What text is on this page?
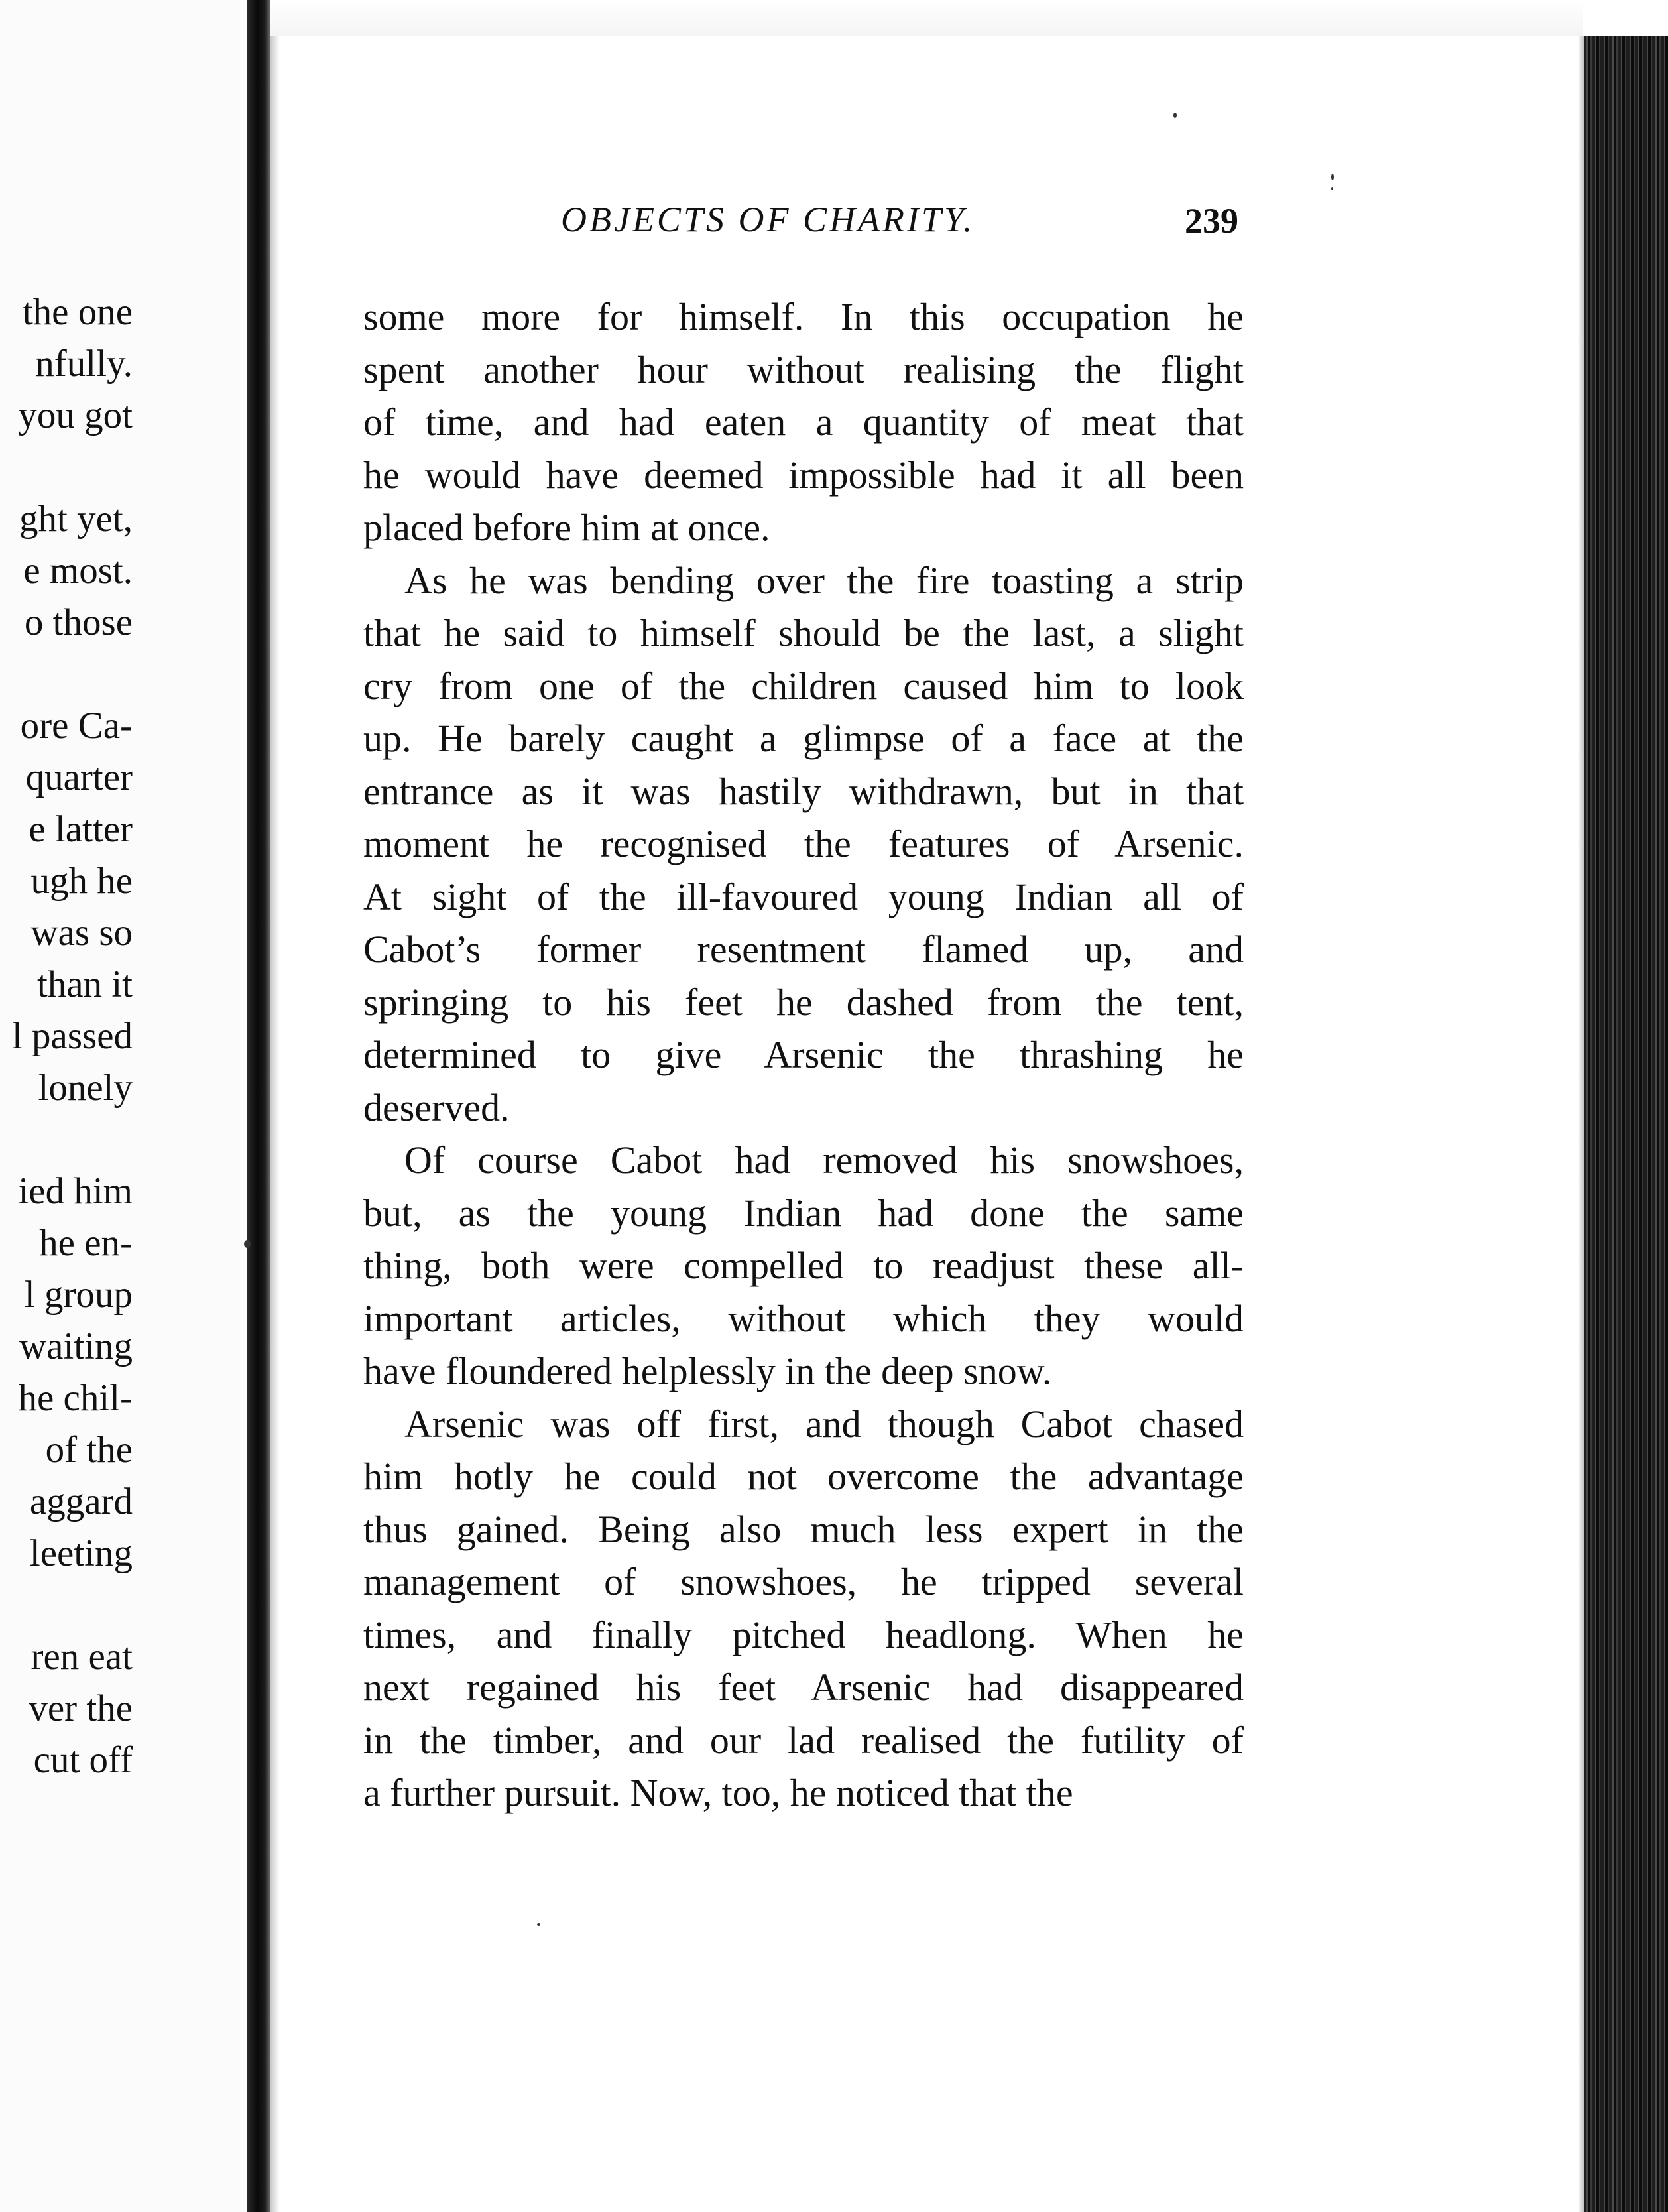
the one
nfully.
you got
ght yet,
e most.
o those
ore Ca-
quarter
e latter
ugh he
was so
than it
l passed
lonely
ied him
he en-
l group
waiting
he chil-
of the
aggard
leeting
ren eat
ver the
cut off
OBJECTS OF CHARITY.	239
some more for himself. In this occupation he
spent another hour without realising the flight
of time, and had eaten a quantity of meat that
he would have deemed impossible had it all been
placed before him at once.
As he was bending over the fire toasting a strip
that he said to himself should be the last, a slight
cry from one of the children caused him to look
up. He barely caught a glimpse of a face at the
entrance as it was hastily withdrawn, but in that
moment he recognised the features of Arsenic.
At sight of the ill-favoured young Indian all of
Cabot’s former resentment flamed up, and
springing to his feet he dashed from the tent,
determined to give Arsenic the thrashing he
deserved.
Of course Cabot had removed his snowshoes,
but, as the young Indian had done the same
thing, both were compelled to readjust these all-
important articles, without which they would
have floundered helplessly in the deep snow.
Arsenic was off first, and though Cabot chased
him hotly he could not overcome the advantage
thus gained. Being also much less expert in the
management of snowshoes, he tripped several
times, and finally pitched headlong. When he
next regained his feet Arsenic had disappeared
in the timber, and our lad realised the futility of
a further pursuit. Now, too, he noticed that the
